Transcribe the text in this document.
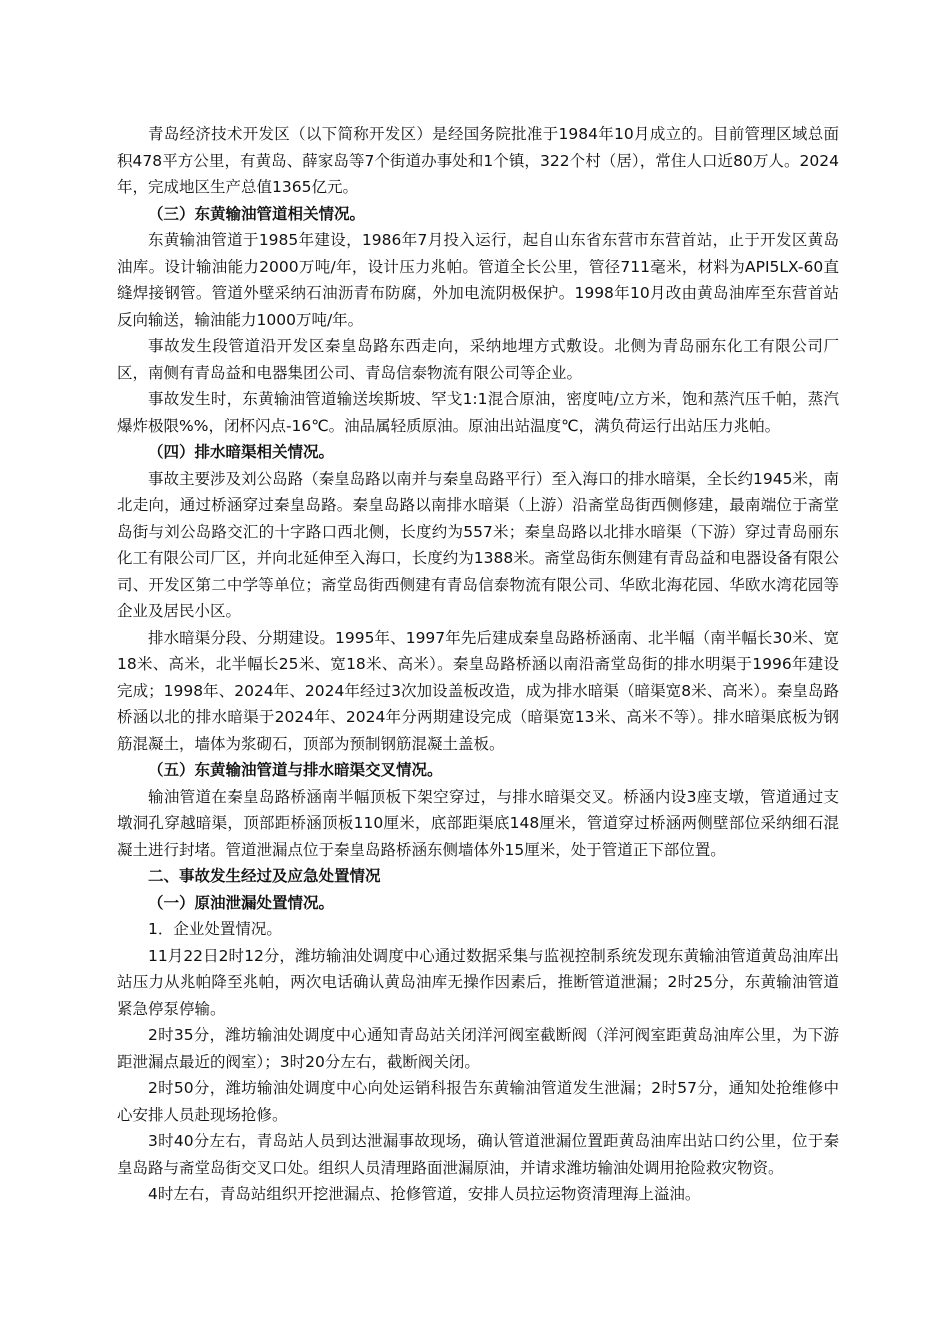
青岛经济技术开发区（以下简称开发区）是经国务院批准于1984年10月成立的。目前管理区域总面积478平方公里，有黄岛、薛家岛等7个街道办事处和1个镇，322个村（居），常住人口近80万人。2024年，完成地区生产总值1365亿元。

（三）东黄输油管道相关情况。

东黄输油管道于1985年建设，1986年7月投入运行，起自山东省东营市东营首站，止于开发区黄岛油库。设计输油能力2000万吨/年，设计压力兆帕。管道全长公里，管径711毫米，材料为API5LX-60直缝焊接钢管。管道外壁采纳石油沥青布防腐，外加电流阴极保护。1998年10月改由黄岛油库至东营首站反向输送，输油能力1000万吨/年。

事故发生段管道沿开发区秦皇岛路东西走向，采纳地埋方式敷设。北侧为青岛丽东化工有限公司厂区，南侧有青岛益和电器集团公司、青岛信泰物流有限公司等企业。

事故发生时，东黄输油管道输送埃斯坡、罕戈1:1混合原油，密度吨/立方米，饱和蒸汽压千帕，蒸汽爆炸极限%%，闭杯闪点-16℃。油品属轻质原油。原油出站温度℃，满负荷运行出站压力兆帕。

（四）排水暗渠相关情况。

事故主要涉及刘公岛路（秦皇岛路以南并与秦皇岛路平行）至入海口的排水暗渠，全长约1945米，南北走向，通过桥涵穿过秦皇岛路。秦皇岛路以南排水暗渠（上游）沿斋堂岛街西侧修建，最南端位于斋堂岛街与刘公岛路交汇的十字路口西北侧，长度约为557米；秦皇岛路以北排水暗渠（下游）穿过青岛丽东化工有限公司厂区，并向北延伸至入海口，长度约为1388米。斋堂岛街东侧建有青岛益和电器设备有限公司、开发区第二中学等单位；斋堂岛街西侧建有青岛信泰物流有限公司、华欧北海花园、华欧水湾花园等企业及居民小区。

排水暗渠分段、分期建设。1995年、1997年先后建成秦皇岛路桥涵南、北半幅（南半幅长30米、宽18米、高米，北半幅长25米、宽18米、高米）。秦皇岛路桥涵以南沿斋堂岛街的排水明渠于1996年建设完成；1998年、2024年、2024年经过3次加设盖板改造，成为排水暗渠（暗渠宽8米、高米）。秦皇岛路桥涵以北的排水暗渠于2024年、2024年分两期建设完成（暗渠宽13米、高米不等）。排水暗渠底板为钢筋混凝土，墙体为浆砌石，顶部为预制钢筋混凝土盖板。

（五）东黄输油管道与排水暗渠交叉情况。

输油管道在秦皇岛路桥涵南半幅顶板下架空穿过，与排水暗渠交叉。桥涵内设3座支墩，管道通过支墩洞孔穿越暗渠，顶部距桥涵顶板110厘米，底部距渠底148厘米，管道穿过桥涵两侧壁部位采纳细石混凝土进行封堵。管道泄漏点位于秦皇岛路桥涵东侧墙体外15厘米，处于管道正下部位置。

二、事故发生经过及应急处置情况

（一）原油泄漏处置情况。

1．企业处置情况。

11月22日2时12分，潍坊输油处调度中心通过数据采集与监视控制系统发现东黄输油管道黄岛油库出站压力从兆帕降至兆帕，两次电话确认黄岛油库无操作因素后，推断管道泄漏；2时25分，东黄输油管道紧急停泵停输。

2时35分，潍坊输油处调度中心通知青岛站关闭洋河阀室截断阀（洋河阀室距黄岛油库公里，为下游距泄漏点最近的阀室）；3时20分左右，截断阀关闭。

2时50分，潍坊输油处调度中心向处运销科报告东黄输油管道发生泄漏；2时57分，通知处抢维修中心安排人员赴现场抢修。

3时40分左右，青岛站人员到达泄漏事故现场，确认管道泄漏位置距黄岛油库出站口约公里，位于秦皇岛路与斋堂岛街交叉口处。组织人员清理路面泄漏原油，并请求潍坊输油处调用抢险救灾物资。

4时左右，青岛站组织开挖泄漏点、抢修管道，安排人员拉运物资清理海上溢油。
